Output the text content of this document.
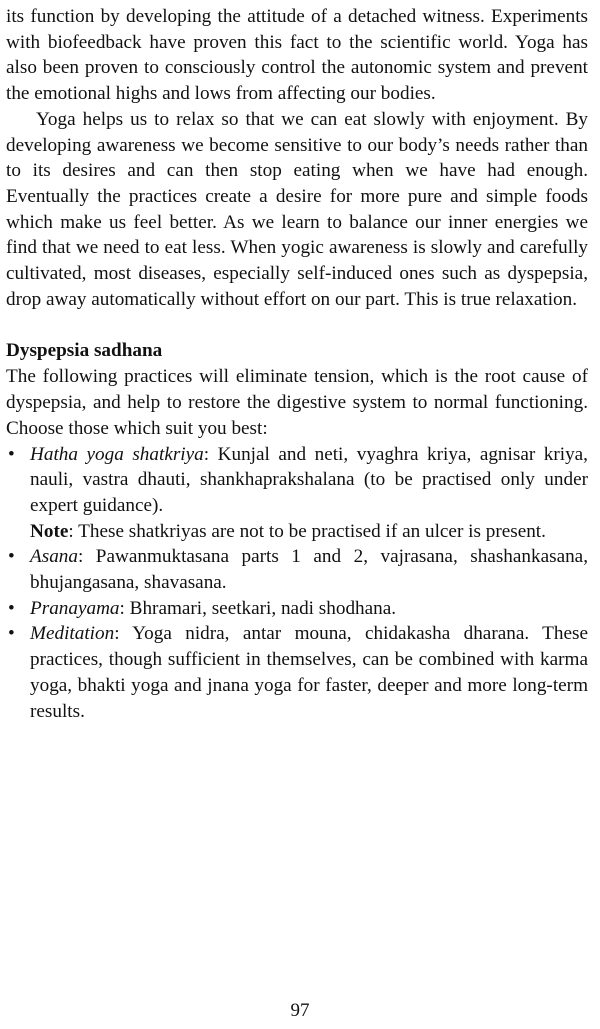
its function by developing the attitude of a detached witness. Experiments with biofeedback have proven this fact to the scientific world. Yoga has also been proven to consciously control the autonomic system and prevent the emotional highs and lows from affecting our bodies.

Yoga helps us to relax so that we can eat slowly with enjoyment. By developing awareness we become sensitive to our body’s needs rather than to its desires and can then stop eating when we have had enough. Eventually the practices create a desire for more pure and simple foods which make us feel better. As we learn to balance our inner energies we find that we need to eat less. When yogic awareness is slowly and carefully cultivated, most diseases, especially self-induced ones such as dyspepsia, drop away automatically without effort on our part. This is true relaxation.

Dyspepsia sadhana

The following practices will eliminate tension, which is the root cause of dyspepsia, and help to restore the digestive system to normal functioning. Choose those which suit you best:

• Hatha yoga shatkriya: Kunjal and neti, vyaghra kriya, agnisar kriya, nauli, vastra dhauti, shankhaprakshalana (to be practised only under expert guidance).
Note: These shatkriyas are not to be practised if an ulcer is present.
• Asana: Pawanmuktasana parts 1 and 2, vajrasana, shashankasana, bhujangasana, shavasana.
• Pranayama: Bhramari, seetkari, nadi shodhana.
• Meditation: Yoga nidra, antar mouna, chidakasha dharana. These practices, though sufficient in themselves, can be combined with karma yoga, bhakti yoga and jnana yoga for faster, deeper and more long-term results.
97
